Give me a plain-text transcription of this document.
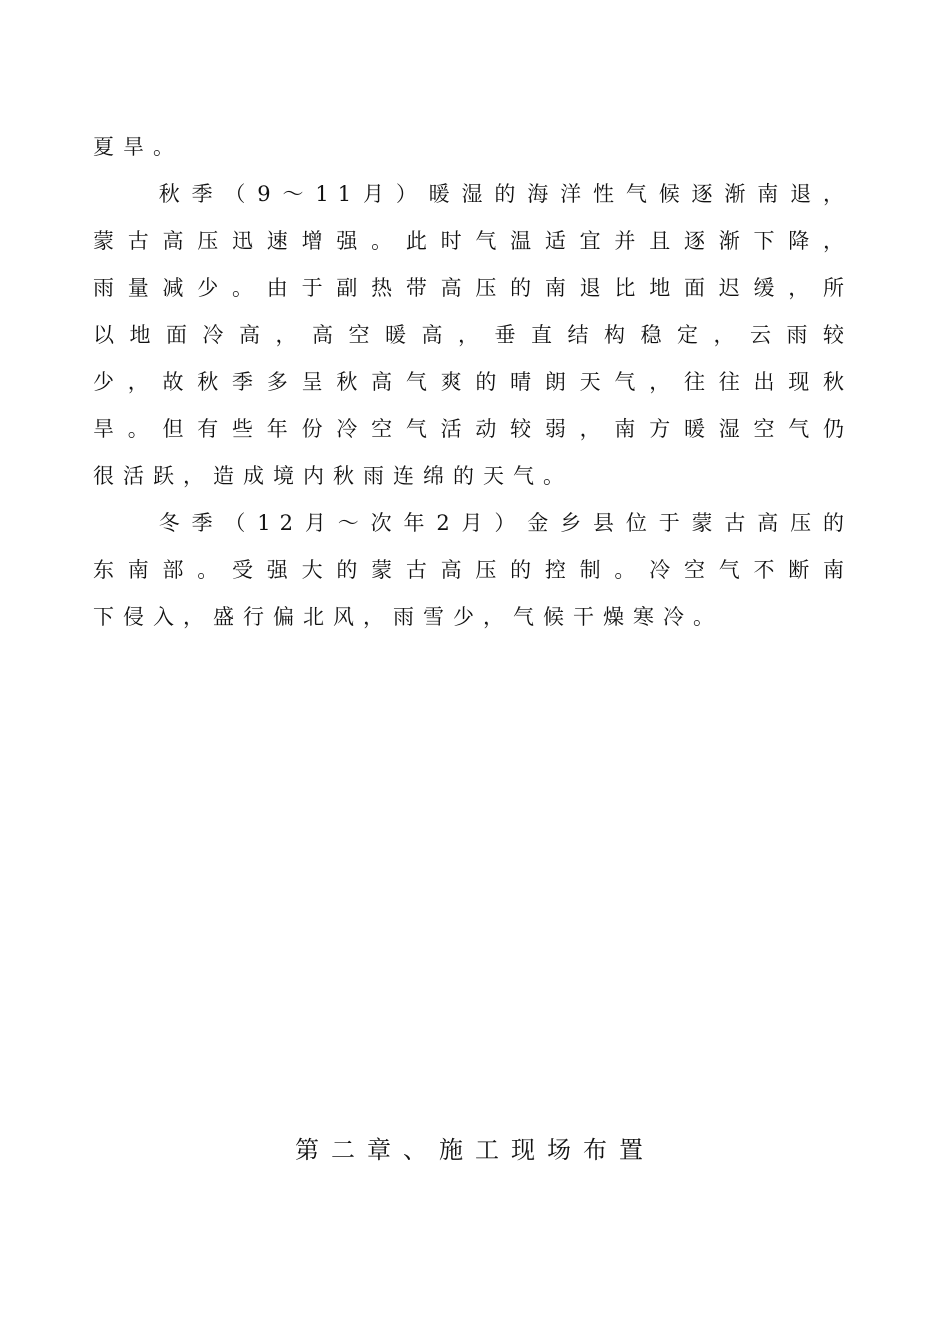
夏旱。
　　秋季（9～11月）暖湿的海洋性气候逐渐南退，
蒙古高压迅速增强。此时气温适宜并且逐渐下降，
雨量减少。由于副热带高压的南退比地面迟缓，所
以地面冷高，高空暖高，垂直结构稳定，云雨较
少，故秋季多呈秋高气爽的晴朗天气，往往出现秋
旱。但有些年份冷空气活动较弱，南方暖湿空气仍
很活跃，造成境内秋雨连绵的天气。
　　冬季（12月～次年2月）金乡县位于蒙古高压的
东南部。受强大的蒙古高压的控制。冷空气不断南
下侵入，盛行偏北风，雨雪少，气候干燥寒冷。
第二章、施工现场布置
